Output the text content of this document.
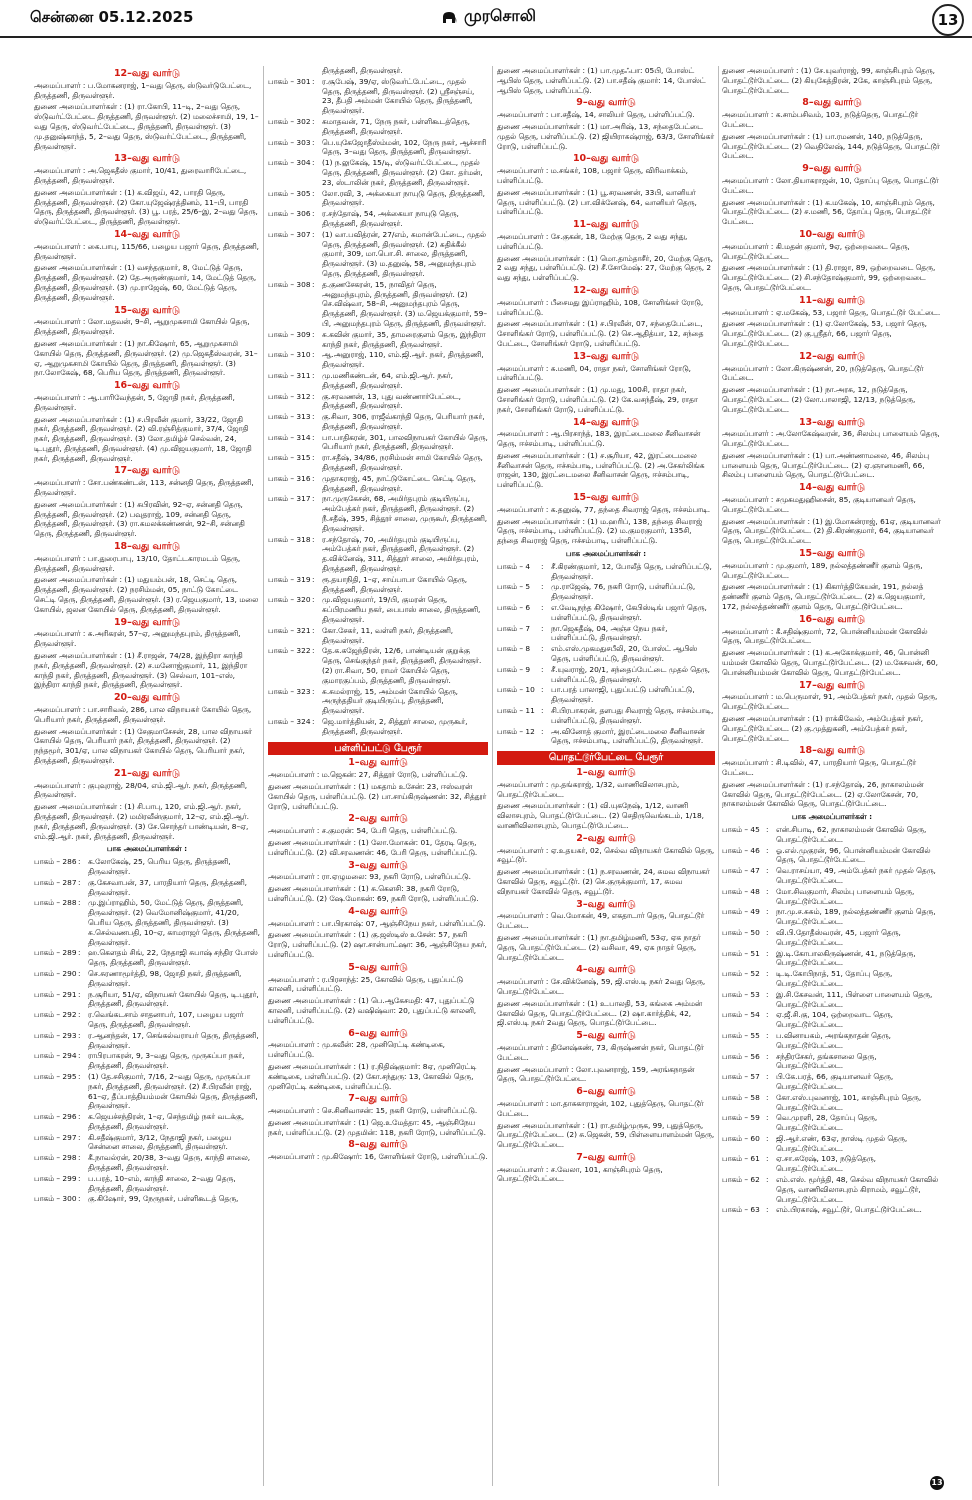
சென்னை 05.12.2025	முரசொலி	13
12–வது வார்டு
அமைப்பாளர் : ப.மோகனராஜ், 1–வது தெரு, ஸ்டுவர்டுபேட்டை, திருத்தணி, திருவள்ளூர்.
துணை அமைப்பாளர்கள் : (1) ரா.கோபி, 11–டி, 2–வது தெரு, ஸ்டுவர்ட்பேட்டை திருத்தணி, திருவள்ளூர். (2) மலைச்சாமி, 19, 1–வது தெரு, ஸ்டுவர்ட்பேட்டை, திருத்தணி, திருவள்ளூர். (3) மு.தனுஷ்காந்த், 5, 2–வது தெரு, ஸ்டுவர்ட்பேட்டை, திருத்தணி, திருவள்ளூர்.
13–வது வார்டு
அமைப்பாளர் : அ.ஜெகதீஸ் குமார், 10/41, துரைவாரிபேட்டை, திருத்தணி, திருவள்ளூர்.
துணை அமைப்பாளர்கள் : (1) க.விஜய், 42, பாரதி தெரு, திருத்தணி, திருவள்ளூர். (2) கோ.யுஜேஷ்ரத்தினம், 11–பி, பாரதி தெரு, திருத்தணி, திருவள்ளூர். (3) பூ. பரத், 25/6–இ, 2–வது தெரு, ஸ்டுவர்ட்பேட்டை, திருத்தணி, திருவள்ளூர்.
14–வது வார்டு
அமைப்பாளர் : கை.பாபு, 115/66, பழைய பஜார் தெரு, திருத்தணி, திருவள்ளூர்.
துணை அமைப்பாளர்கள் : (1) வசந்தகுமார், 8, மேட்டுத் தெரு, திருத்தணி, திருவள்ளூர். (2) தே.அருண்குமார், 14, மேட்டுத் தெரு, திருத்தணி, திருவள்ளூர். (3) மு.ராஜேஷ், 60, மேட்டுத் தெரு, திருத்தணி, திருவள்ளூர்.
15–வது வார்டு
அமைப்பாளர் : லோ.மதவன், 9–சி, ஆறுமுகசாமி கோயில் தெரு, திருத்தணி, திருவள்ளூர்.
துணை அமைப்பாளர்கள் : (1) நா.கிஷோர், 65, ஆறுமுகசாமி கோயில் தெரு, திருத்தணி, திருவள்ளூர். (2) மு.ஜெகதீஸ்வரன், 31–ஏ, ஆறுமுகசாமி கோயில் தெரு, திருத்தணி, திருவள்ளூர். (3) நா.லோகேஷ், 68, பெரிய தெரு, திருத்தணி, திருவள்ளூர்.
16–வது வார்டு
அமைப்பாளர் : ஆ.பாரிவேந்தன், 5, ஜோதி நகர், திருத்தணி, திருவள்ளூர்.
துணை அமைப்பாளர்கள் : (1) ச.பிரவீன் குமார், 33/22, ஜோதி நகர், திருத்தணி, திருவள்ளூர். (2) வி.ரஞ்சித்குமார், 37/4, ஜோதி நகர், திருத்தணி, திருவள்ளூர். (3) லோ.தமிழ்ச் செல்வன், 24, டி.புதூர், திருத்தணி, திருவள்ளூர். (4) மு.விஜயகுமார், 18, ஜோதி நகர், திருத்தணி, திருவள்ளூர்.
17–வது வார்டு
அமைப்பாளர் : சோ.பண்கண்டன், 113, சன்னதி தெரு, திருத்தணி, திருவள்ளூர்.
துணை அமைப்பாளர்கள் : (1) சுபிரவின், 92–ஏ, சன்னதி தெரு, திருத்தணி, திருவள்ளூர். (2) பவுதராஜ், 109, சன்னதி தெரு, திருத்தணி, திருவள்ளூர். (3) ரா.கமலக்கண்ணன், 92–சி, சன்னதி தெரு, திருத்தணி, திருவள்ளூர்.
18–வது வார்டு
அமைப்பாளர் : பா.துரைபாபு, 13/10, தோட்டகாரமடம் தெரு, திருத்தணி, திருவள்ளூர்.
துணை அமைப்பாளர்கள் : (1) மதுயம்பன், 18, செட்டி தெரு, திருத்தணி, திருவள்ளூர். (2) நரசிம்மன், 05, நாட்டு கோட்டை செட்டி தெரு, திருத்தணி, திருவள்ளூர். (3) ர.ஜெயகுமார், 13, மலை கோயில், ஜலன கோயில் தெரு, திருத்தணி, திருவள்ளூர்.
19–வது வார்டு
அமைப்பாளர் : சு.அரிகரன், 57–ஏ, அனுமந்தபுரம், திருத்தணி, திருவள்ளூர்.
துணை அமைப்பாளர்கள் : (1) சீ.ராஜன், 74/28, இந்திரா காந்தி நகர், திருத்தணி, திருவள்ளூர். (2) ச.மனோஜ்குமார், 11, இந்திரா காந்தி நகர், திருத்தணி, திருவள்ளூர். (3) செல்வா, 101–எஸ், இந்திரா காந்தி நகர், திருத்தணி, திருவள்ளூர்.
20–வது வார்டு
அமைப்பாளர் : பா.சாரிவல், 286, பால விநாயகர் கோயில் தெரு, பெரியார் நகர், திருத்தணி, திருவள்ளூர்.
துணை அமைப்பாளர்கள் : (1) சேகுமாசேசன், 28, பால விநாயகர் கோயில் தெரு, பெரியார் நகர், திருத்தணி, திருவள்ளூர். (2) நந்தமூர், 301/ஏ, பால விநாயகர் கோயில் தெரு, பெரியார் நகர், திருத்தணி, திருவள்ளூர்.
21–வது வார்டு
அமைப்பாளர் : குபுவுராஜ், 28/04, எம்.ஜி.ஆர். நகர், திருத்தணி, திருவள்ளூர்.
துணை அமைப்பாளர்கள் : (1) சி.பாபு, 120, எம்.ஜி.ஆர். நகர், திருத்தணி, திருவள்ளூர். (2) மமிரவீன்குமார், 12–ஏ, எம்.ஜி.ஆர். நகர், திருத்தணி, திருவள்ளூர். (3) சே.சொந்தர் பாண்டியன், 8–ஏ, எம்.ஜி.ஆர். நகர், திருத்தணி, திருவள்ளூர்.
பாக அமைப்பாளர்கள் :
பாகம் – 286 :	க.லோகேஷ், 25, பெரிய தெரு, திருத்தணி, திருவள்ளூர்.
பாகம் – 287 :	கு.கேசவாபன், 37, பாரதியார் தெரு, திருத்தணி, திருவள்ளூர்.
பாகம் – 288 :	மு.இப்ராஹிம், 50, மேட்டுத் தெரு, திருத்தணி, திருவள்ளூர். (2) வெமோனிஷ்குமார், 41/20, பெரிய தெரு, திருத்தணி, திருவள்ளூர். (3) சு.செல்வணபதி, 10–ஏ, காமராஜர் தெரு, திருத்தணி, திருவள்ளூர்.
பாகம் – 289 :	ஹ.கௌதம் சிங், 22, நேதாஜி சுபாஷ் சந்திர போஸ் தெரு, திருத்தணி, திருவள்ளூர்.
பாகம் – 290 :	செ.சுரணாமூர்த்தி, 98, ஜோதி நகர், திருத்தணி, திருவள்ளூர்.
பாகம் – 291 :	ந.சூரியா, 51/ஏ, விநாயகர் கோயில் தெரு, டி.புதூர், திருத்தணி, திருவள்ளூர்.
பாகம் – 292 :	ர.வெங்கடசாம் சாதனாபர், 107, பழைய பஜார் தெரு, திருத்தணி, திருவள்ளூர்.
பாகம் – 293 :	ர.ஆனந்தன், 17, செங்கல்வராயர் தெரு, திருத்தணி, திருவள்ளூர்.
பாகம் – 294 :	ராபிரபாகரன், 9, 3–வது தெரு, முருகப்பா நகர், திருத்தணி, திருவள்ளூர்.
பாகம் – 295 :	(1) தே.சசிகுமார், 7/16, 2–வது தெரு, முருகப்பா நகர், திருத்தணி, திருவள்ளூர். (2) சீ.பிரவீன் ராஜ், 61–ஏ, தீப்பாத்தியம்மன் கோயில் தெரு, திருத்தணி, திருவள்ளூர்.
பாகம் – 296 :	க.ஜெயச்சந்திரன், 1–ஏ, செந்தமிழ் நகர் வடக்கு, திருத்தணி, திருவள்ளூர்.
பாகம் – 297 :	கி.சதீஷ்குமார், 3/12, நேதாஜி நகர், பழைய சென்னை சாலை, திருத்தணி, திருவள்ளூர்.
பாகம் – 298 :	கீ.நாவல்ரன், 20/38, 3–வது தெரு, காந்தி சாலை, திருத்தணி, திருவள்ளூர்.
பாகம் – 299 :	ப.பரத், 10–எம், காந்தி சாலை, 2–வது தெரு, திருத்தணி, திருவள்ளூர்.
பாகம் – 300 :	கு.கிஷோர், 99, நேருநகர், பள்ளிகூடத் தெரு,
திருத்தணி, திருவள்ளூர்.
பாகம் – 301 :	ர.சூபேஷ், 39/ஏ, ஸ்டுவர்ட்பேட்டை, முதல் தெரு, திருத்தணி, திருவள்ளூர். (2) ஸ்ரீசஞ்சய், 23, தீபதி அம்மன் கோயில் தெரு, திருத்தணி, திருவள்ளூர்.
பாகம் – 302 :	சுமாதவன், 71, நேரு நகர், பள்ளிகூடத்தெரு, திருத்தணி, திருவள்ளூர்.
பாகம் – 303 :	பெ.யுகேஜோதீஸ்ம்மன், 102, நேரு நகர், ஆச்சாரி தெரு, 3–வது தெரு, திருத்தணி, திருவள்ளூர்.
பாகம் – 304 :	(1) ந.லுகேஷ், 15/டி, ஸ்டுவர்ட்பேட்டை, முதல் தெரு, திருத்தணி, திருவள்ளூர். (2) கோ. தர்மன், 23, ஸ்டாலின் நகர், திருத்தணி, திருவள்ளூர்.
பாகம் – 305 :	லோ.ரவி, 3, அக்கையா நாயுடு தெரு, திருத்தணி, திருவள்ளூர்.
பாகம் – 306 :	ர.சந்தோஷ், 54, அக்கையா நாயுடு தெரு, திருத்தணி, திருவள்ளூர்.
பாகம் – 307 :	(1) வா.பவித்ரன், 27/எம், சுமான்பேட்டை, முதல் தெரு, திருத்தணி, திருவள்ளூர். (2) சுதிக்கீல் குமார், 309, மா.பொ.சி. சாலை, திருத்தணி, திருவள்ளூர். (3) ம.தனுஷ், 58, அனுமந்தபுரம் தெரு, திருத்தணி, திருவள்ளூர்.
பாகம் – 308 :	த.குணசேகரன், 15, நாவிதர் தெரு, அனுமந்தபுரம், திருத்தணி, திருவள்ளூர். (2) செ.விஷ்வா, 58–சி, அனுமந்தபுரம் தெரு, திருத்தணி, திருவள்ளூர். (3) ம.ஜெயக்குமார், 59–பி, அனுமந்தபுரம் தெரு, திருத்தணி, திருவள்ளூர்.
பாகம் – 309 :	சு.கவின் குமார், 35, தாமரைகுளம் தெரு, இந்திரா காந்தி நகர், திருத்தணி, திருவள்ளூர்.
பாகம் – 310 :	ஆ.அனுராஜ், 110, எம்.ஜி.ஆர். நகர், திருத்தணி, திருவள்ளூர்.
பாகம் – 311 :	மு.மணிகண்டன், 64, எம்.ஜி.ஆர். நகர், திருத்தணி, திருவள்ளூர்.
பாகம் – 312 :	கு.சரவணன், 13, புது வண்ணார்பேட்டை, திருத்தணி, திருவள்ளூர்.
பாகம் – 313 :	கு.சிவா, 306, ராஜீவ்காந்தி தெரு, பெரியார் நகர், திருத்தணி, திருவள்ளூர்.
பாகம் – 314 :	பா.பாதிகரன், 301, பாலவிநாயகர் கோயில் தெரு, பெரியார் நகர், திருத்தணி, திருவள்ளூர்.
பாகம் – 315 :	ரா.சதீஷ், 34/86, நரசிம்மன் சாமி கோயில் தெரு, திருத்தணி, திருவள்ளூர்.
பாகம் – 316 :	முதாகராஜ், 45, நாட்டுகோட்டை செட்டி தெரு, திருத்தணி, திருவள்ளூர்.
பாகம் – 317 :	நா.முருகேசன், 68, அமிர்தபுரம் குடியிருப்பு, அம்பேத்கர் நகர், திருத்தணி, திருவள்ளூர். (2) நீ.சதீஷ், 395, சித்தூர் சாலை, முருகூர், திருத்தணி, திருவள்ளூர்.
பாகம் – 318 :	ர.சந்தோஷ், 70, அமிர்தபுரம் குடியிருப்பு, அம்பேத்கர் நகர், திருத்தணி, திருவள்ளூர். (2) த.விக்னேஷ், 311, சித்தூர் சாலை, அமிர்தபுரம், திருத்தணி, திருவள்ளூர்.
பாகம் – 319 :	ரூ.தயாநிதி, 1–ஏ, சாய்பாபா கோயில் தெரு, திருத்தணி, திருவள்ளூர்.
பாகம் – 320 :	மு.விஜயகுமார், 19/பி, குமரன் தெரு, சுப்பிரமணிய நகர், பைபாஸ் சாலை, திருத்தணி, திருவள்ளூர்.
பாகம் – 321 :	கோ.சேகர், 11, வள்ளி நகர், திருத்தணி, திருவள்ளூர்.
பாகம் – 322 :	தே.க.கஜேந்திரன், 12/6, பாண்டியன் குறுக்கு தெரு, செங்குந்தர் நகர், திருத்தணி, திருவள்ளூர். (2) ரா.சிவா, 50, ராமர் கோயில் தெரு, குமாரகுப்பம், திருத்தணி, திருவள்ளூர்.
பாகம் – 323 :	சு.சுமல்ராஜ், 15, அம்மன் கோயில் தெரு, அருந்ததியர் குடியிருப்பு, திருத்தணி, திருவள்ளூர்.
பாகம் – 324 :	ஜெ.மார்த்தியன், 2, சித்தூர் சாலை, முருகூர், திருத்தணி, திருவள்ளூர்.
பள்ளிப்பட்டு பேரூர்
1–வது வார்டு
அமைப்பாளர் : ம.ஜெகன்: 27, சித்தூர் ரோடு, பள்ளிப்பட்டு.
துணை அமைப்பாளர்கள் : (1) மகதாம் உசேன்: 23, ஈஸ்வரன் கோயில் தெரு, பள்ளிப்பட்டு. (2) பா.சாய்கிருஷ்ணன்: 32, சித்தூர் ரோடு, பள்ளிப்பட்டு.
2–வது வார்டு
அமைப்பாளர் : ச.குமரன்: 54, பேரி தெரு, பள்ளிப்பட்டு.
துணை அமைப்பாளர்கள் : (1) லோ.மோகன்: 01, தேரடி தெரு, பள்ளிப்பட்டு. (2) வி.சரவணன்: 46, பேரி தெரு, பள்ளிப்பட்டு.
3–வது வார்டு
அமைப்பாளர் : ரா.ஏழுமலை: 93, நகரி ரோடு, பள்ளிப்பட்டு.
துணை அமைப்பாளர்கள் : (1) சு.கௌசி: 38, நகரி ரோடு, பள்ளிப்பட்டு. (2) ஷே.மோகன்: 69, நகரி ரோடு, பள்ளிப்பட்டு.
4–வது வார்டு
அமைப்பாளர் : பா.பிரகாஷ்: 07, ஆஞ்சிநேய நகர், பள்ளிப்பட்டு.
துணை அமைப்பாளர்கள் : (1) கு.ஜஸ்டிஸ் உசேன்: 57, நகரி ரோடு, பள்ளிப்பட்டு. (2) ஷா.சான்பாட்ஷா: 36, ஆஞ்சிநேய நகர், பள்ளிப்பட்டு.
5–வது வார்டு
அமைப்பாளர் : ர.பிரசாந்த்: 25, கோவில் தெரு, புதுப்பட்டு காலனி, பள்ளிப்பட்டு.
துணை அமைப்பாளர்கள் : (1) பெ.ஆகேசமதி: 47, புதுப்பட்டு காலனி, பள்ளிப்பட்டு. (2) வஷிஷ்வா: 20, புதுப்பட்டு காலனி, பள்ளிப்பட்டு.
6–வது வார்டு
அமைப்பாளர் : மு.கவீன்: 28, முனிரெட்டி கண்டிகை, பள்ளிப்பட்டு.
துணை அமைப்பாளர்கள் : (1) ர.நிதிஷ்குமார்: 8ஏ, முனிரெட்டி கண்டிகை, பள்ளிப்பட்டு. (2) கோ.சந்துரு: 13, கோவில் தெரு, முனிரெட்டி கண்டிகை, பள்ளிப்பட்டு.
7–வது வார்டு
அமைப்பாளர் : செ.சினிவாசன்: 15, நகரி ரோடு, பள்ளிப்பட்டு.
துணை அமைப்பாளர்கள் : (1) ஜெ.உமேத்தா: 45, ஆஞ்சிநேய நகர், பள்ளிப்பட்டு. (2) முதமின்: 118, நகரி ரோடு, பள்ளிப்பட்டு.
8–வது வார்டு
அமைப்பாளர் : மு.கிஷோர்: 16, சோளிங்கர் ரோடு, பள்ளிப்பட்டு.
துணை அமைப்பாளர்கள் : (1) பா.முதஃபா: 05பி, போஸ்ட் ஆபிஸ் தெரு, பள்ளிப்பட்டு. (2) பா.சதீஷ் குமார்: 14, போஸ்ட் ஆபிஸ் தெரு, பள்ளிப்பட்டு.
9–வது வார்டு
அமைப்பாளர் : பா.சதீஷ், 14, சாலியர் தெரு, பள்ளிப்பட்டு.
துணை அமைப்பாளர்கள் : (1) மா.அரிஷ், 13, சந்தைபேட்டை முதல் தெரு, பள்ளிப்பட்டு. (2) ஜியிராசுஷ்ராஜ், 63/3, சோளிங்கர் ரோடு, பள்ளிப்பட்டு.
10–வது வார்டு
அமைப்பாளர் : ம.சங்கர், 108, பஜார் தெரு, விரிவாக்கம், பள்ளிப்பட்டு.
துணை அமைப்பாளர்கள் : (1) பூ.சரவணன், 33பி, வானியர் தெரு, பள்ளிப்பட்டு. (2) பா.விக்னேஷ், 64, வானியர் தெரு, பள்ளிப்பட்டு.
11–வது வார்டு
அமைப்பாளர் : சே.குகன், 18, மேற்கு தெரு, 2 வது சந்து, பள்ளிப்பட்டு.
துணை அமைப்பாளர்கள் : (1) மொ.தாம்தாசீர், 20, மேற்கு தெரு, 2 வது சந்து, பள்ளிப்பட்டு. (2) சீ.சோமேஷ்: 27, மேற்கு தெரு, 2 வது சந்து, பள்ளிப்பட்டு.
12–வது வார்டு
அமைப்பாளர் : பீசைமது இப்ராஹிம், 108, சோளிங்கர் ரோடு, பள்ளிப்பட்டு.
துணை அமைப்பாளர்கள் : (1) ச.பிரவீன், 07, சந்தைபேட்டை, சோளிங்கர் ரோடு, பள்ளிப்பட்டு. (2) செ.ஆதித்யா, 12, சந்தை பேட்டை, சோளிங்கர் ரோடு, பள்ளிப்பட்டு.
13–வது வார்டு
அமைப்பாளர் : சு.மணி, 04, ராதா நகர், சோளிங்கர் ரோடு, பள்ளிப்பட்டு.
துணை அமைப்பாளர்கள் : (1) மு.மது, 100சி, ராதா நகர், சோளிங்கர் ரோடு, பள்ளிப்பட்டு. (2) கே.வசந்தீஷ், 29, ராதா நகர், சோளிங்கர் ரோடு, பள்ளிப்பட்டு.
14–வது வார்டு
அமைப்பாளர் : ஆ.பிரசாந்த், 183, இரட்டைமலை சீனிவாசன் தெரு, ஈச்சம்பாடி, பள்ளிப்பட்டு.
துணை அமைப்பாளர்கள் : (1) ச.சூரியா, 42, இரட்டைமலை சீனிவாசன் தெரு, ஈச்சம்பாடி, பள்ளிப்பட்டு. (2) அ.சேகர்லிங்க ராஜன், 130, இரட்டைமலை சீனிவாசன் தெரு, ஈச்சம்பாடி, பள்ளிப்பட்டு.
15–வது வார்டு
அமைப்பாளர் : க.தனுஷ், 77, தந்தை சிவராஜ் தெரு, ஈச்சம்பாடி.
துணை அமைப்பாளர்கள் : (1) ம.ஹரிப், 138, தந்தை சிவராஜ் தெரு, ஈச்சம்பாடி, பள்ளிப்பட்டு. (2) ம.குமரகுமார், 135சி, தந்தை சிவராஜ் தெரு, ஈச்சம்பாடி, பள்ளிப்பட்டு.
பாக அமைப்பாளர்கள் :
பாகம் – 4	:	சீ.கிரண்குமார், 12, போலீத் தெரு, பள்ளிப்பட்டு, திருவள்ளூர்.
பாகம் – 5	:	மு.ராஜேஷ், 76, நகரி ரோடு, பள்ளிப்பட்டு, திருவள்ளூர்.
பாகம் – 6	:	எ.வேடிநந்த கிஷோர், கேபிஸ்டிங் பஜார் தெரு, பள்ளிப்பட்டு, திருவள்ளூர்.
பாகம் – 7	:	நா.ஜெகதீஷ், 04, அஞ்ச நேய நகர், பள்ளிப்பட்டு, திருவள்ளூர்.
பாகம் – 8	:	எம்.எஸ்.முகமதுசபீலி, 20, போஸ்ட் ஆபிஸ் தெரு, பள்ளிப்பட்டு, திருவள்ளூர்.
பாகம் – 9	:	சீ.யுவராஜ், 20/1, சந்தைப்பேட்டை முதல் தெரு, பள்ளிப்பட்டு, திருவள்ளூர்.
பாகம் – 10 :	பா.பரத் பாலாஜி, புதுப்பட்டு பள்ளிப்பட்டு, திருவள்ளூர்.
பாகம் – 11 :	சி.பிரபாகரன், தளபது சிவராஜ் தெரு, ஈச்சம்பாடி, பள்ளிப்பட்டு, திருவள்ளூர்.
பாகம் – 12 :	அ.வினோத் குமார், இரட்டைமலை சீனிவாசன் தெரு, ஈச்சம்பாடி, பள்ளிப்பட்டு, திருவள்ளூர்.
பொதட்டூர்பேட்டை பேரூர்
1–வது வார்டு
அமைப்பாளர் : மு.தங்கராஜ், 1/32, வாணிவிலாசபுரம், பொதட்டூர்பேட்டை.
துணை அமைப்பாளர்கள் : (1) வி.யுகநேஷ், 1/12, வாணி விலாசபுரம், பொதட்டூர்பேட்டை. (2) செதிருவெங்கடம், 1/18, வாணிவிலாசபுரம், பொதட்டூர்பேட்டை.
2–வது வார்டு
அமைப்பாளர் : ஏ.உதயகர், 02, செல்வ விநாயகர் கோவில் தெரு, சவூட்டூர்.
துணை அமைப்பாளர்கள் : (1) ந.சரவணன், 24, சுமவ விநாயகர் கோவில் தெரு, சவூட்டூர். (2) செ.குருக்குமார், 17, சுமவ விநாயகர் கோவில் தெரு, சவூட்டூர்.
3–வது வார்டு
அமைப்பாளர் : வெ.மோகன், 49, எகதாடார் தெரு, பொதட்டூர் பேட்டை.
துணை அமைப்பாளர்கள் : (1) நா.தமிழ்மணி, 53ஏ, ஏக நாதர் தெரு, பொதட்டூர்பேட்டை. (2) வசிவா, 49, ஏக நாதர் தெரு, பொதட்டூர்பேட்டை.
4–வது வார்டு
அமைப்பாளர் : சே.விக்னேஷ், 59, ஜி.எஸ்.டி நகர் 2வது தெரு, பொதட்டூர்பேட்டை.
துணை அமைப்பாளர்கள் : (1) உ.பாலதி, 53, கங்கை அம்மன் கோவில் தெரு, பொதட்டூர்பேட்டை. (2) ஷா.கார்த்திக், 42, ஜி.எஸ்.டி நகர் 2வது தெரு, பொதட்டூர்பேட்டை.
5–வது வார்டு
அமைப்பாளர் : தினேஷ்கண், 73, கிருஷ்ணன் நகர், பொதட்டூர் பேட்டை.
துணை அமைப்பாளர் : லோ.புவனராஜ், 159, அரங்கநாதன் தெரு, பொதட்டூர்பேட்டை.
6–வது வார்டு
அமைப்பாளர் : மா.தாசுகாராஜன், 102, புதுத்தெரு, பொதட்டூர் பேட்டை.
துணை அமைப்பாளர்கள் : (1) ரா.தமிழ்முருக, 99, புதுத்தெரு, பொதட்டூர்பேட்டை. (2) சு.ஜெகன், 59, பிள்ளையாளம்மன் தெரு, பொதட்டூர்பேட்டை.
7–வது வார்டு
அமைப்பாளர் : ச.வேலா, 101, காஞ்சிபுரம் தெரு, பொதட்டூர்பேட்டை.
துணை அமைப்பாளர் : (1) சே.யுவர்ராஜ், 99, காஞ்சிபுரம் தெரு, பொதட்டூர்பேட்டை. (2) கியுகேத்திரன், 2கே, காஞ்சிபுரம் தெரு, பொதட்டூர்பேட்டை.
8–வது வார்டு
அமைப்பாளர் : க.சாம்பசிவம், 103, நடுத்தெரு, பொதட்டூர் பேட்டை.
துணை அமைப்பாளர்கள் : (1) பா.ரமணன், 140, நடுத்தெரு, பொதட்டூர்பேட்டை. (2) வெதிலேஷ், 144, நடுத்தெரு, பொதட்டூர் பேட்டை.
9–வது வார்டு
அமைப்பாளர் : லோ.தியாகராஜன், 10, தோப்பு தெரு, பொதட்டூர் பேட்டை.
துணை அமைப்பாளர்கள் : (1) க.மகேஷ், 10, காஞ்சிபுரம் தெரு, பொதட்டூர்பேட்டை. (2) ச.மணி, 56, தோப்பு தெரு, பொதட்டூர் பேட்டை.
10–வது வார்டு
அமைப்பாளர் : கி.மதன் குமார், 9ஏ, ஒற்றைவடை தெரு, பொதட்டூர்பேட்டை.
துணை அமைப்பாளர்கள் : (1) தி.ராஜா, 89, ஒற்றைவடை தெரு, பொதட்டூர்பேட்டை. (2) சி.சந்தோஷ்குமார், 99, ஒற்றைவடை தெரு, பொதட்டூர்பேட்டை.
11–வது வார்டு
அமைப்பாளர் : ஏ.மகேஷ், 53, பஜார் தெரு, பொதட்டூர் பேட்டை.
துணை அமைப்பாளர்கள் : (1) ஏ.லோகேஷ், 53, பஜார் தெரு, பொதட்டூர்பேட்டை. (2) கு.ஸ்ரீதர், 66, பஜார் தெரு, பொதட்டூர்பேட்டை.
12–வது வார்டு
அமைப்பாளர் : லோ.கிருஷ்ணன், 20, நடுத்தெரு, பொதட்டூர் பேட்டை.
துணை அமைப்பாளர்கள் : (1) நா.அரசு, 12, நடுத்தெரு, பொதட்டூர்பேட்டை. (2) லோ.பாலாஜி, 12/13, நடுத்தெரு, பொதட்டூர்பேட்டை.
13–வது வார்டு
அமைப்பாளர் : அ.லோகேஷ்வரன், 36, சிலம்பு பாளையம் தெரு, பொதட்டூர்பேட்டை.
துணை அமைப்பாளர்கள் : (1) பா.அண்ணாமலை, 46, சிலம்பு பாளையம் தெரு, பொதட்டூர்பேட்டை. (2) ஏ.ஞானமணி, 66, சிலம்பு பாளையம் தெரு, பொதட்டூர்பேட்டை.
14–வது வார்டு
அமைப்பாளர் : சமுசுமதுஹிசைன், 85, குடியானவர் தெரு, பொதட்டூர்பேட்டை.
துணை அமைப்பாளர்கள் : (1) இ.மோகன்ராஜ், 61ஏ, குடியானவர் தெரு, பொதட்டூர்பேட்டை. (2) தி.கிரண்குமார், 64, குடியானவர் தெரு, பொதட்டூர்பேட்டை.
15–வது வார்டு
அமைப்பாளர் : மு.குமார், 189, நல்லத்தண்ணீர் குளம் தெரு, பொதட்டூர்பேட்டை.
துணை அமைப்பாளர்கள் : (1) கிகார்த்திகேயன், 191, நல்லத் தண்ணீர் குளம் தெரு, பொதட்டூர்பேட்டை. (2) க.ஜெயகுமார், 172, நல்லத்தண்ணீர் குளம் தெரு, பொதட்டூர்பேட்டை.
16–வது வார்டு
அமைப்பாளர் : கீ.சதிஷ்குமார், 72, பொன்னியம்மன் கோவில் தெரு, பொதட்டூர்பேட்டை.
துணை அமைப்பாளர்கள் : (1) க.அகோக்குமார், 46, பொன்னி யம்மன் கோவில் தெரு, பொதட்டூர்பேட்டை. (2) ம.கேசவன், 60, பொன்னியம்மன் கோவில் தெரு, பொதட்டூர்பேட்டை.
17–வது வார்டு
அமைப்பாளர் : ம.பெருமாள், 91, அம்பேத்கர் நகர், முதல் தெரு, பொதட்டூர்பேட்டை.
துணை அமைப்பாளர்கள் : (1) ராக்கிவேல், அம்பேத்கர் நகர், பொதட்டூர்பேட்டை. (2) கு.முத்துகனி, அம்பேத்கர் நகர், பொதட்டூர்பேட்டை.
18–வது வார்டு
அமைப்பாளர் : சி.டிவில், 47, பாரதியார் தெரு, பொதட்டூர் பேட்டை.
துணை அமைப்பாளர்கள் : (1) ர.சந்தோஷ், 26, நாகாலம்மன் கோவில் தெரு, பொதட்டூர்பேட்டை. (2) ஏ.லோகேசன், 70, நாகாலம்மன் கோவில் தெரு, பொதட்டூர்பேட்டை.
பாக அமைப்பாளர்கள் :
பாகம் – 45 :	என்.சிபாடி, 62, நாகாலம்மன் கோவில் தெரு, பொதட்டூர்பேட்டை.
பாகம் – 46 :	ஓ.எல்.முகுரன், 96, பொன்னியம்மன் கோவில் தெரு, பொதட்டூர்பேட்டை.
பாகம் – 47 :	வெ.ராசய்யா, 49, அம்பேத்கர் நகர் முதல் தெரு, பொதட்டூர்பேட்டை.
பாகம் – 48 :	மோ.சிவகுமார், சிலம்பு பாளையம் தெரு, பொதட்டூர்பேட்டை.
பாகம் – 49 :	நா.மு.ச.சுசும், 189, நல்லத்தண்ணீர் குளம் தெரு, பொதட்டூர்பேட்டை.
பாகம் – 50 :	வி.பி.தோதீஸ்வரன், 45, பஜார் தெரு, பொதட்டூர்பேட்டை.
பாகம் – 51 :	இ.டி.கோபாலகிருஷ்ணன், 41, நடுத்தெரு, பொதட்டூர்பேட்டை.
பாகம் – 52 :	டி.டி.கோபிநாத், 51, தோப்பு தெரு, பொதட்டூர்பேட்டை.
பாகம் – 53 :	இ.சி.கேசவன், 111, பிள்ளை பாளையம் தெரு, பொதட்டூர்பேட்டை.
பாகம் – 54 :	ஏ.ஜீ.சி.கு, 104, ஒற்றைவாட தெரு, பொதட்டூர்பேட்டை.
பாகம் – 55 :	ப.வினாயகம், அரங்கநாதன் தெரு, பொதட்டூர்பேட்டை.
பாகம் – 56 :	சந்திரசேகர், தங்கசாலை தெரு, பொதட்டூர்பேட்டை.
பாகம் – 57 :	பி.கே.பரத், 66, குடியானவர் தெரு, பொதட்டூர்பேட்டை.
பாகம் – 58 :	கோ.எஸ்.புவனாஜ், 101, காஞ்சிபுரம் தெரு, பொதட்டூர்பேட்டை.
பாகம் – 59 :	வெ.முரளி, 28, தோப்பு தெரு, பொதட்டூர்பேட்டை.
பாகம் – 60 :	ஜி.ஆர்.எண், 63ஏ, நாஸ்டி முதல் தெரு, பொதட்டூர்பேட்டை.
பாகம் – 61 :	ஏ.சா.சுரேஷ், 103, நடுத்தெரு, பொதட்டூர்பேட்டை.
பாகம் – 62 :	எம்.எஸ். மூர்த்தி, 48, செல்வ விநாயகர் கோவில் தெரு, வாணிவிலாசபுரம் கிராமம், சவூட்டூர், பொதட்டூர்பேட்டை.
பாகம் – 63 :	எம்.பிரகாஷ், சவூட்டூர், பொதட்டூர்பேட்டை.
13
